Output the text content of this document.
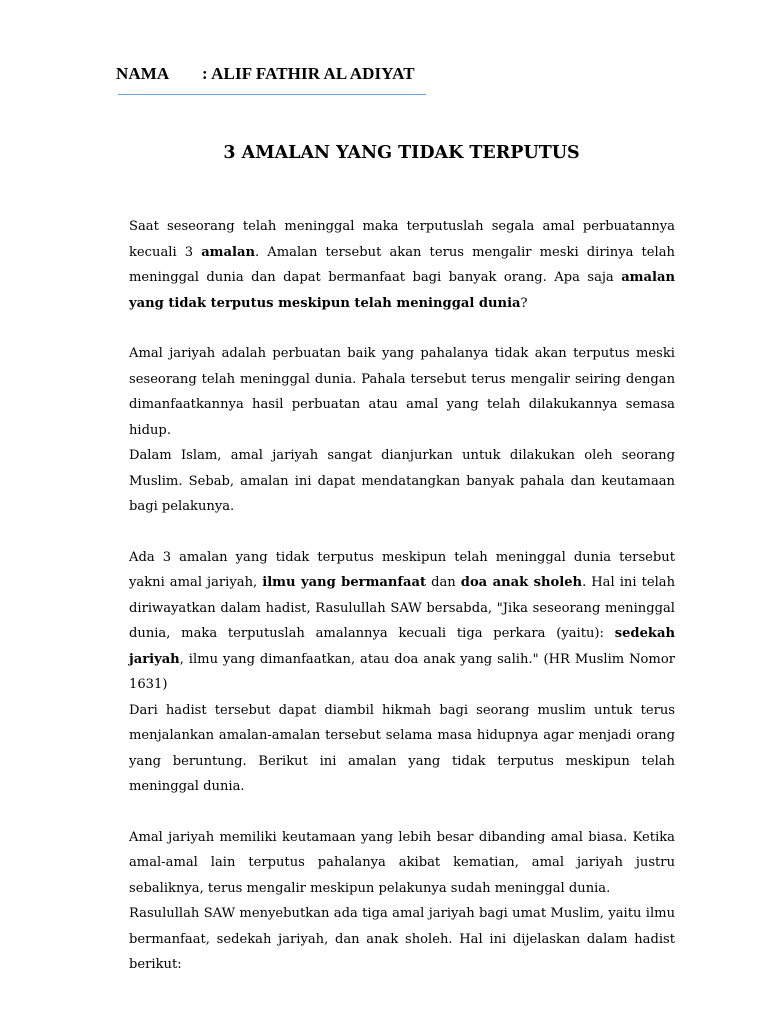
NAMA : ALIF FATHIR AL ADIYAT
3 AMALAN YANG TIDAK TERPUTUS

Saat seseorang telah meninggal maka terputuslah segala amal perbuatannya kecuali 3 amalan. Amalan tersebut akan terus mengalir meski dirinya telah meninggal dunia dan dapat bermanfaat bagi banyak orang. Apa saja amalan yang tidak terputus meskipun telah meninggal dunia?

Amal jariyah adalah perbuatan baik yang pahalanya tidak akan terputus meski seseorang telah meninggal dunia. Pahala tersebut terus mengalir seiring dengan dimanfaatkannya hasil perbuatan atau amal yang telah dilakukannya semasa hidup.

Dalam Islam, amal jariyah sangat dianjurkan untuk dilakukan oleh seorang Muslim. Sebab, amalan ini dapat mendatangkan banyak pahala dan keutamaan bagi pelakunya.

Ada 3 amalan yang tidak terputus meskipun telah meninggal dunia tersebut yakni amal jariyah, ilmu yang bermanfaat dan doa anak sholeh. Hal ini telah diriwayatkan dalam hadist, Rasulullah SAW bersabda, "Jika seseorang meninggal dunia, maka terputuslah amalannya kecuali tiga perkara (yaitu): sedekah jariyah, ilmu yang dimanfaatkan, atau doa anak yang salih." (HR Muslim Nomor 1631)

Dari hadist tersebut dapat diambil hikmah bagi seorang muslim untuk terus menjalankan amalan-amalan tersebut selama masa hidupnya agar menjadi orang yang beruntung. Berikut ini amalan yang tidak terputus meskipun telah meninggal dunia.

Amal jariyah memiliki keutamaan yang lebih besar dibanding amal biasa. Ketika amal-amal lain terputus pahalanya akibat kematian, amal jariyah justru sebaliknya, terus mengalir meskipun pelakunya sudah meninggal dunia.

Rasulullah SAW menyebutkan ada tiga amal jariyah bagi umat Muslim, yaitu ilmu bermanfaat, sedekah jariyah, dan anak sholeh. Hal ini dijelaskan dalam hadist berikut:
